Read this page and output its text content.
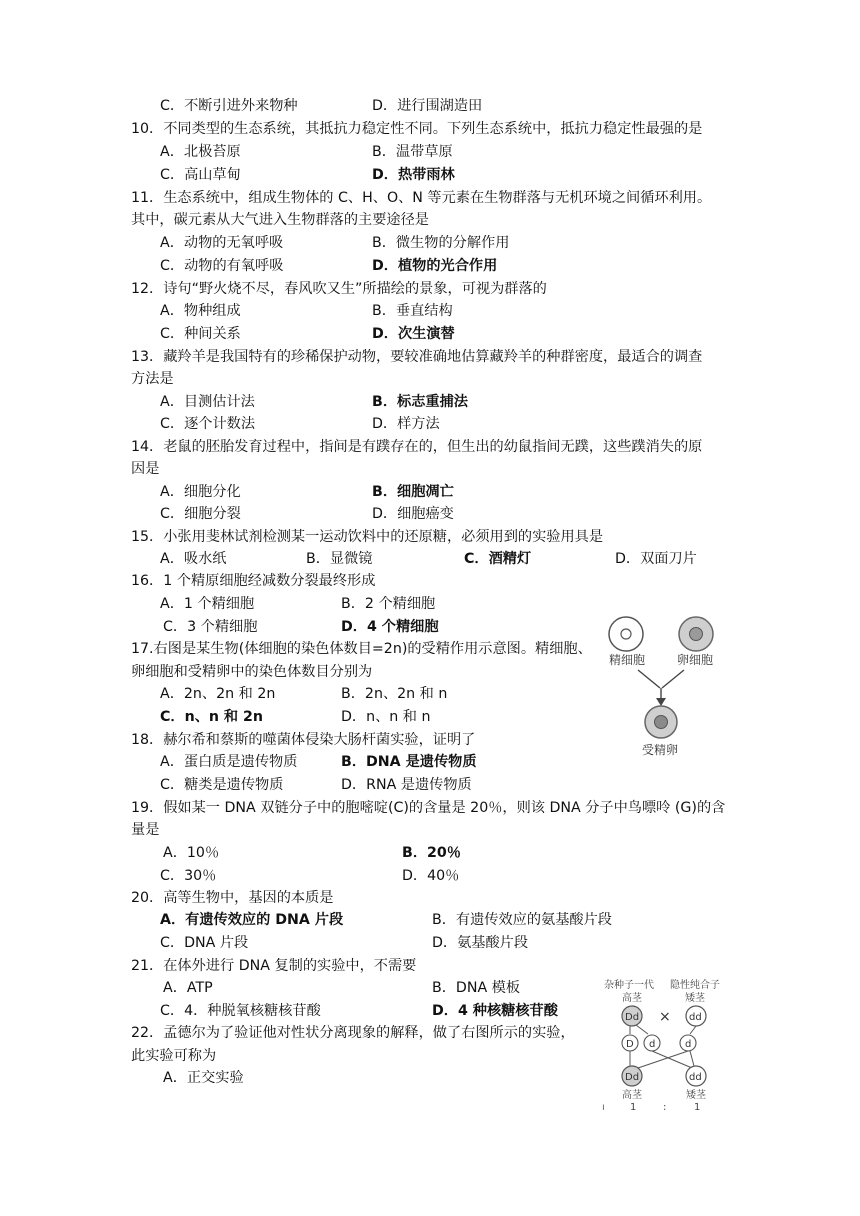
C．不断引进外来物种	D．进行围湖造田
10．不同类型的生态系统，其抵抗力稳定性不同。下列生态系统中，抵抗力稳定性最强的是
A．北极苔原	B．温带草原
C．高山草甸	D．热带雨林
11．生态系统中，组成生物体的 C、H、O、N 等元素在生物群落与无机环境之间循环利用。
其中，碳元素从大气进入生物群落的主要途径是
A．动物的无氧呼吸	B．微生物的分解作用
C．动物的有氧呼吸	D．植物的光合作用
12．诗句“野火烧不尽，春风吹又生”所描绘的景象，可视为群落的
A．物种组成	B．垂直结构
C．种间关系	D．次生演替
13．藏羚羊是我国特有的珍稀保护动物，要较准确地估算藏羚羊的种群密度，最适合的调查
方法是
A．目测估计法	B．标志重捕法
C．逐个计数法	D．样方法
14．老鼠的胚胎发育过程中，指间是有蹼存在的，但生出的幼鼠指间无蹼，这些蹼消失的原
因是
A．细胞分化	B．细胞凋亡
C．细胞分裂	D．细胞癌变
15．小张用斐林试剂检测某一运动饮料中的还原糖，必须用到的实验用具是
A．吸水纸	B．显微镜	C．酒精灯	D．双面刀片
16．1 个精原细胞经减数分裂最终形成
A．1 个精细胞	B．2 个精细胞
C．3 个精细胞	D．4 个精细胞
17.右图是某生物(体细胞的染色体数目=2n)的受精作用示意图。精细胞、
卵细胞和受精卵中的染色体数目分别为
A．2n、2n 和 2n	B．2n、2n 和 n
C．n、n 和 2n	D．n、n 和 n
18．赫尔希和蔡斯的噬菌体侵染大肠杆菌实验，证明了
A．蛋白质是遗传物质	B．DNA 是遗传物质
C．糖类是遗传物质	D．RNA 是遗传物质
19．假如某一 DNA 双链分子中的胞嘧啶(C)的含量是 20％，则该 DNA 分子中鸟嘌呤 (G)的含
量是
A．10％	B．20％
C．30％	D．40％
20．高等生物中，基因的本质是
A．有遗传效应的 DNA 片段	B．有遗传效应的氨基酸片段
C．DNA 片段	D．氨基酸片段
21．在体外进行 DNA 复制的实验中，不需要
A．ATP	B．DNA 模板
C．4．种脱氧核糖核苷酸	D．4 种核糖核苷酸
22．孟德尔为了验证他对性状分离现象的解释，做了右图所示的实验，
此实验可称为
A．正交实验
精细胞	卵细胞
受精卵
杂种子一代 隐性纯合子
高茎	矮茎
Dd × dd
D d	d
Dd	dd
高茎	矮茎
1	:	1
ı
